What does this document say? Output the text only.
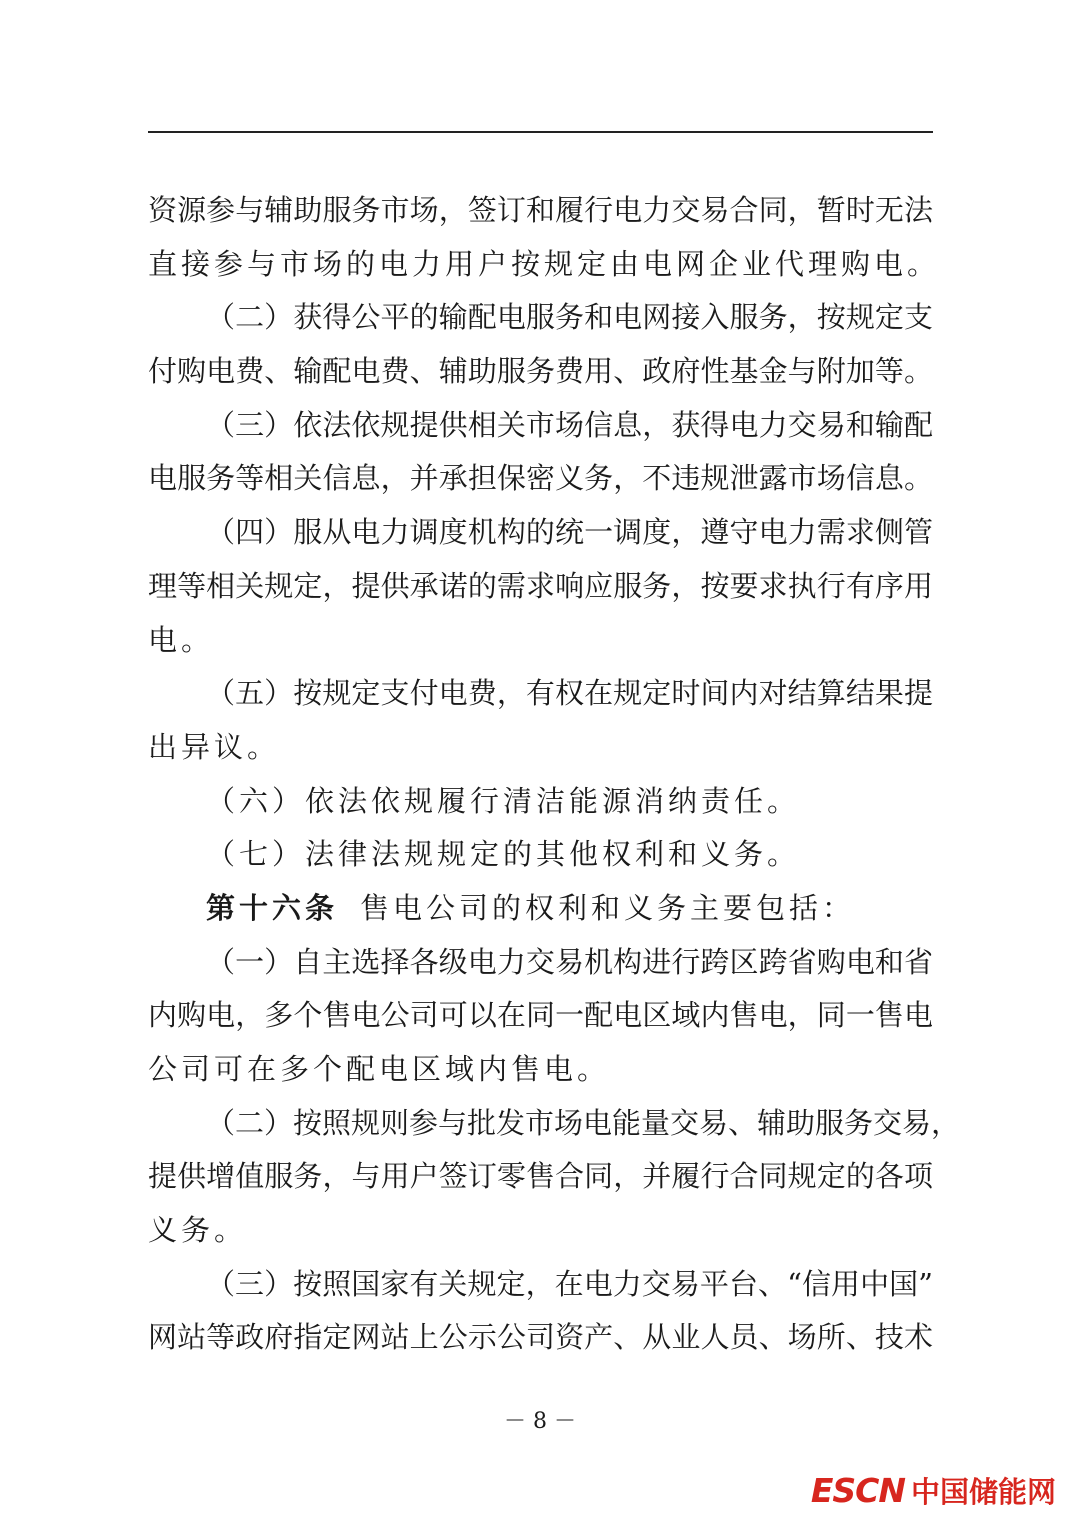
资源参与辅助服务市场，签订和履行电力交易合同，暂时无法
直接参与市场的电力用户按规定由电网企业代理购电。
（二）获得公平的输配电服务和电网接入服务，按规定支
付购电费、输配电费、辅助服务费用、政府性基金与附加等。
（三）依法依规提供相关市场信息，获得电力交易和输配
电服务等相关信息，并承担保密义务，不违规泄露市场信息。
（四）服从电力调度机构的统一调度，遵守电力需求侧管
理等相关规定，提供承诺的需求响应服务，按要求执行有序用
电。
（五）按规定支付电费，有权在规定时间内对结算结果提
出异议。
（六）依法依规履行清洁能源消纳责任。
（七）法律法规规定的其他权利和义务。
第十六条 售电公司的权利和义务主要包括：
（一）自主选择各级电力交易机构进行跨区跨省购电和省
内购电，多个售电公司可以在同一配电区域内售电，同一售电
公司可在多个配电区域内售电。
（二）按照规则参与批发市场电能量交易、辅助服务交易，
提供增值服务，与用户签订零售合同，并履行合同规定的各项
义务。
（三）按照国家有关规定，在电力交易平台、“信用中国”
网站等政府指定网站上公示公司资产、从业人员、场所、技术
－ 8 －
ESCN 中国储能网
